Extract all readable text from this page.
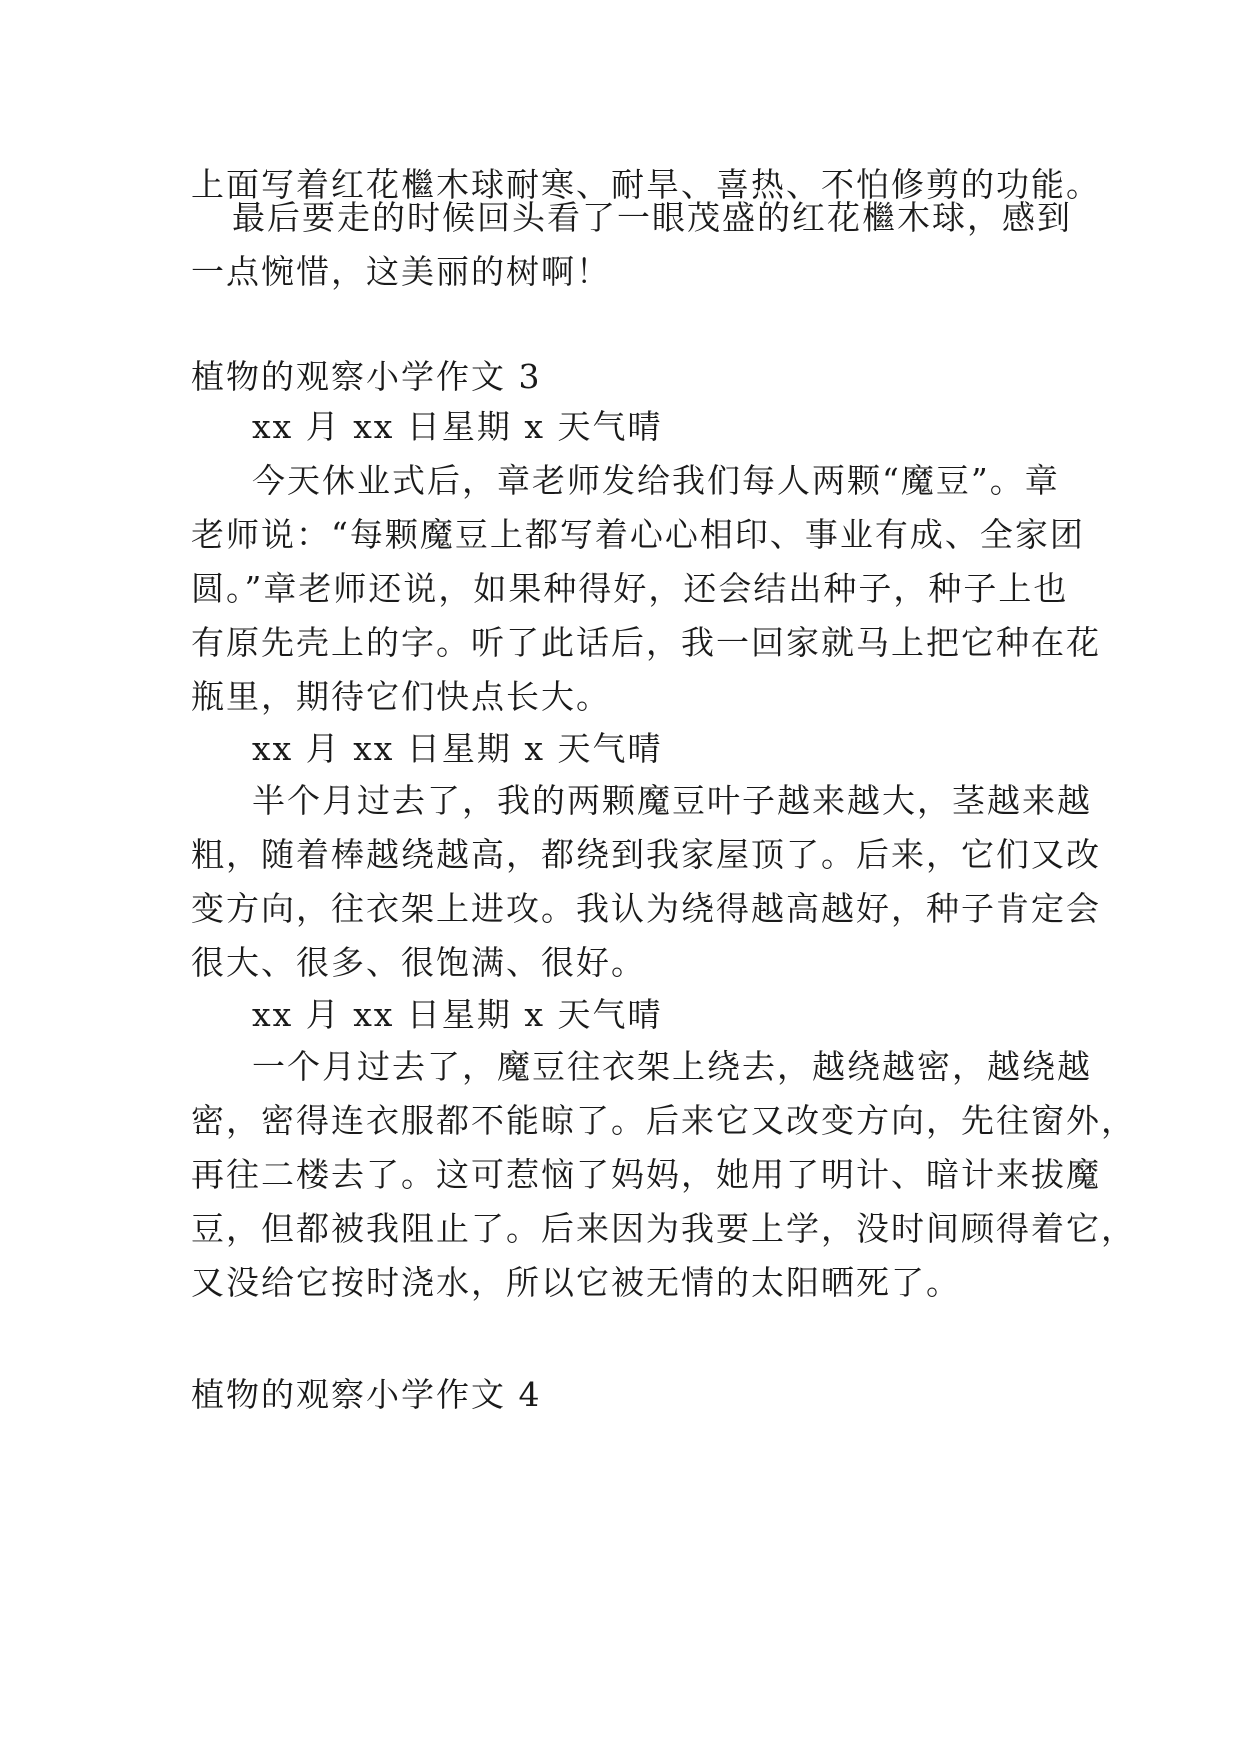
上面写着红花檵木球耐寒、耐旱、喜热、不怕修剪的功能。
最后要走的时候回头看了一眼茂盛的红花檵木球，感到
一点惋惜，这美丽的树啊！
植物的观察小学作文 3
xx 月 xx 日星期 x 天气晴
今天休业式后，章老师发给我们每人两颗“魔豆”。章
老师说：“每颗魔豆上都写着心心相印、事业有成、全家团
圆。”章老师还说，如果种得好，还会结出种子，种子上也
有原先壳上的字。听了此话后，我一回家就马上把它种在花
瓶里，期待它们快点长大。
xx 月 xx 日星期 x 天气晴
半个月过去了，我的两颗魔豆叶子越来越大，茎越来越
粗，随着棒越绕越高，都绕到我家屋顶了。后来，它们又改
变方向，往衣架上进攻。我认为绕得越高越好，种子肯定会
很大、很多、很饱满、很好。
xx 月 xx 日星期 x 天气晴
一个月过去了，魔豆往衣架上绕去，越绕越密，越绕越
密，密得连衣服都不能晾了。后来它又改变方向，先往窗外，
再往二楼去了。这可惹恼了妈妈，她用了明计、暗计来拔魔
豆，但都被我阻止了。后来因为我要上学，没时间顾得着它，
又没给它按时浇水，所以它被无情的太阳晒死了。
植物的观察小学作文 4
